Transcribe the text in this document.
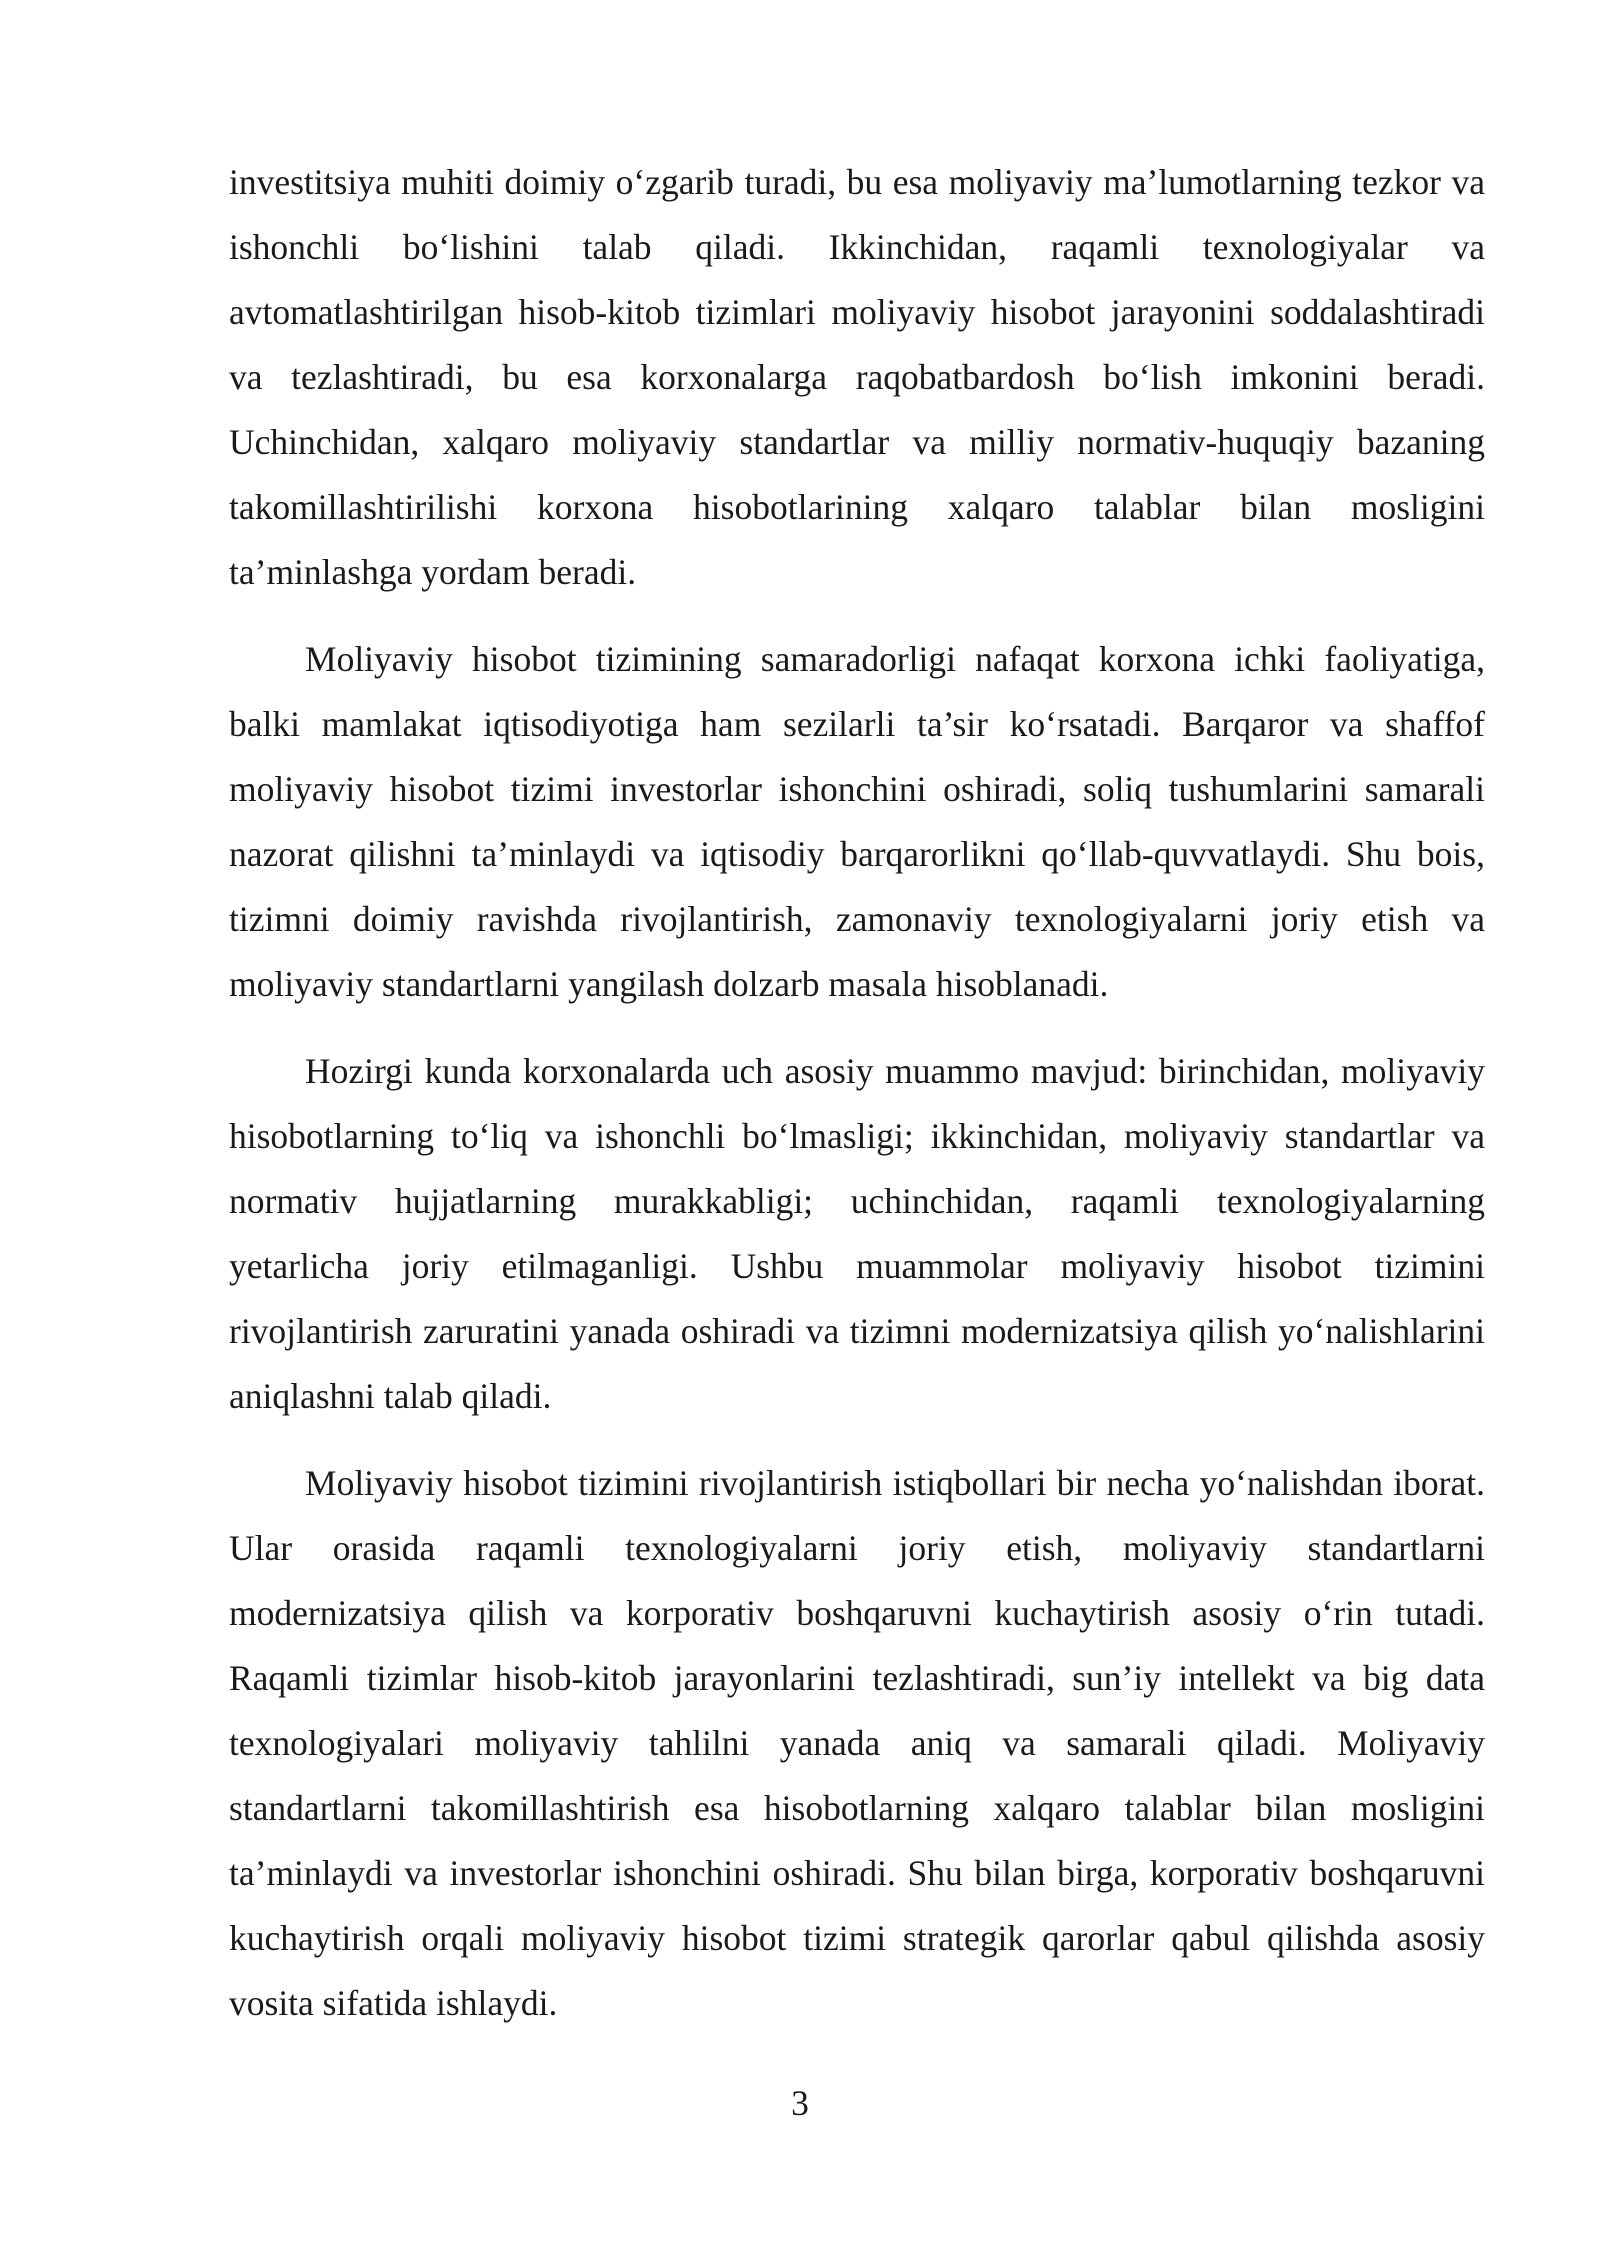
investitsiya muhiti doimiy o‘zgarib turadi, bu esa moliyaviy ma’lumotlarning tezkor va ishonchli bo‘lishini talab qiladi. Ikkinchidan, raqamli texnologiyalar va avtomatlashtirilgan hisob-kitob tizimlari moliyaviy hisobot jarayonini soddalashtiradi va tezlashtiradi, bu esa korxonalarga raqobatbardosh bo‘lish imkonini beradi. Uchinchidan, xalqaro moliyaviy standartlar va milliy normativ-huquqiy bazaning takomillashtirilishi korxona hisobotlarining xalqaro talablar bilan mosligini ta’minlashga yordam beradi.

Moliyaviy hisobot tizimining samaradorligi nafaqat korxona ichki faoliyatiga, balki mamlakat iqtisodiyotiga ham sezilarli ta’sir ko‘rsatadi. Barqaror va shaffof moliyaviy hisobot tizimi investorlar ishonchini oshiradi, soliq tushumlarini samarali nazorat qilishni ta’minlaydi va iqtisodiy barqarorlikni qo‘llab-quvvatlaydi. Shu bois, tizimni doimiy ravishda rivojlantirish, zamonaviy texnologiyalarni joriy etish va moliyaviy standartlarni yangilash dolzarb masala hisoblanadi.

Hozirgi kunda korxonalarda uch asosiy muammo mavjud: birinchidan, moliyaviy hisobotlarning to‘liq va ishonchli bo‘lmasligi; ikkinchidan, moliyaviy standartlar va normativ hujjatlarning murakkabligi; uchinchidan, raqamli texnologiyalarning yetarlicha joriy etilmaganligi. Ushbu muammolar moliyaviy hisobot tizimini rivojlantirish zaruratini yanada oshiradi va tizimni modernizatsiya qilish yo‘nalishlarini aniqlashni talab qiladi.

Moliyaviy hisobot tizimini rivojlantirish istiqbollari bir necha yo‘nalishdan iborat. Ular orasida raqamli texnologiyalarni joriy etish, moliyaviy standartlarni modernizatsiya qilish va korporativ boshqaruvni kuchaytirish asosiy o‘rin tutadi. Raqamli tizimlar hisob-kitob jarayonlarini tezlashtiradi, sun’iy intellekt va big data texnologiyalari moliyaviy tahlilni yanada aniq va samarali qiladi. Moliyaviy standartlarni takomillashtirish esa hisobotlarning xalqaro talablar bilan mosligini ta’minlaydi va investorlar ishonchini oshiradi. Shu bilan birga, korporativ boshqaruvni kuchaytirish orqali moliyaviy hisobot tizimi strategik qarorlar qabul qilishda asosiy vosita sifatida ishlaydi.

3
